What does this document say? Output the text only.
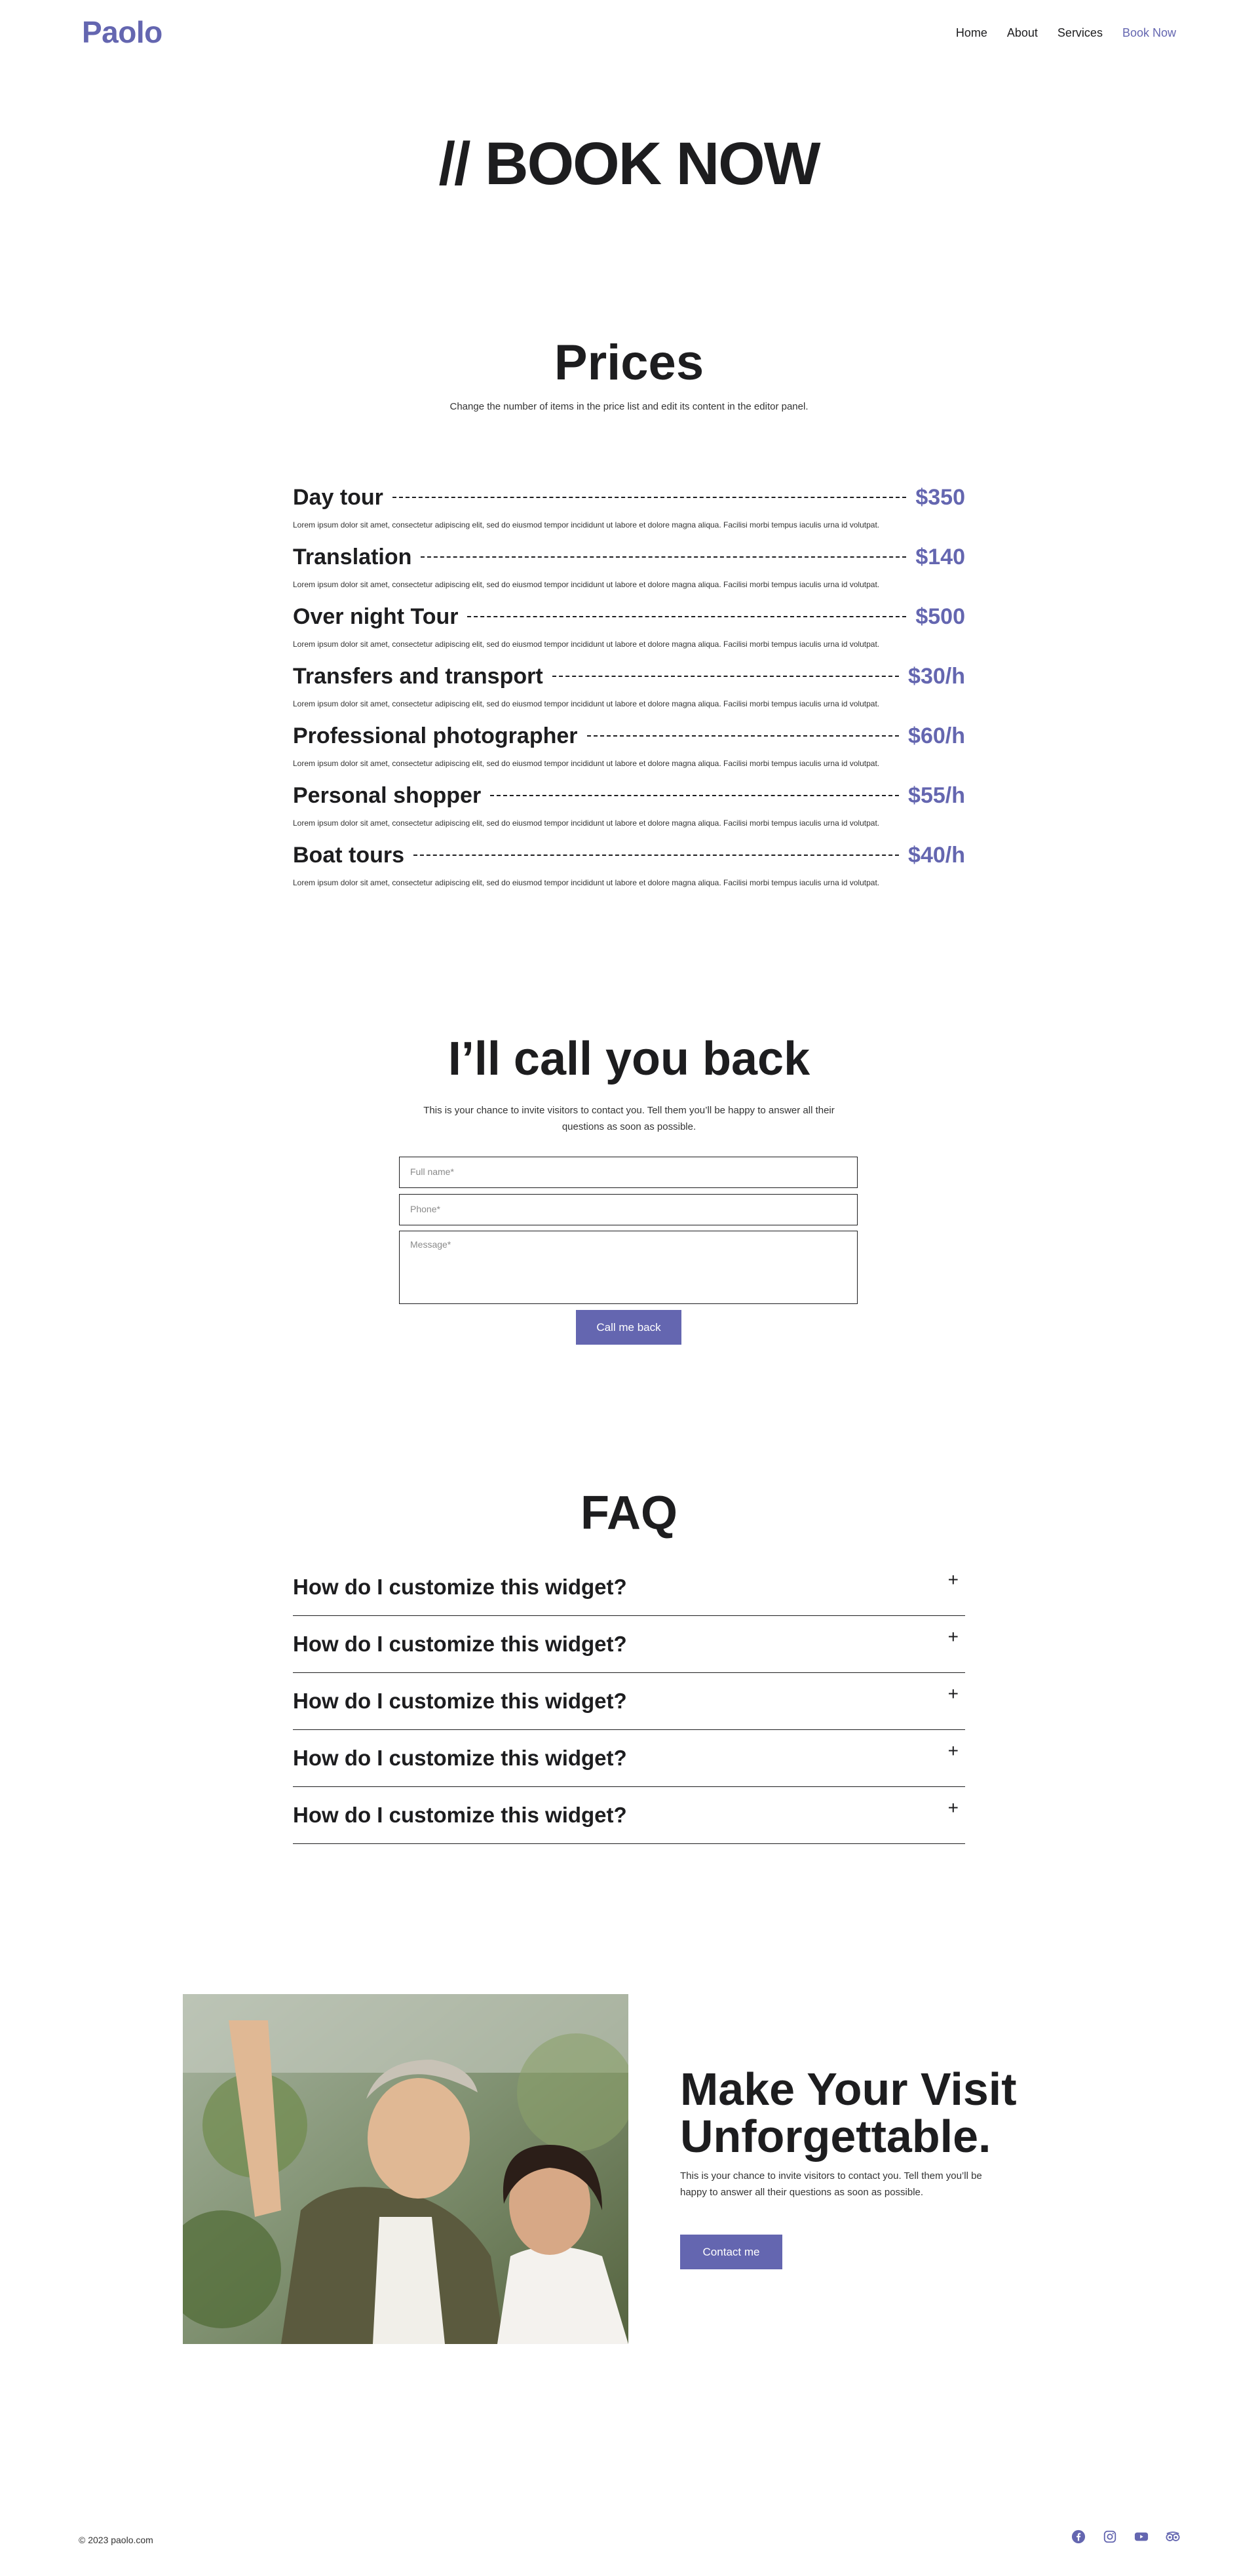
Paolo	Home About Services Book Now
// BOOK NOW
Prices

Change the number of items in the price list and edit its content in the editor panel.

Day tour	$350
Lorem ipsum dolor sit amet, consectetur adipiscing elit, sed do eiusmod tempor incididunt ut labore et dolore magna aliqua. Facilisi morbi tempus iaculis urna id volutpat.
Translation	$140
Lorem ipsum dolor sit amet, consectetur adipiscing elit, sed do eiusmod tempor incididunt ut labore et dolore magna aliqua. Facilisi morbi tempus iaculis urna id volutpat.
Over night Tour	$500
Lorem ipsum dolor sit amet, consectetur adipiscing elit, sed do eiusmod tempor incididunt ut labore et dolore magna aliqua. Facilisi morbi tempus iaculis urna id volutpat.
Transfers and transport	$30/h
Lorem ipsum dolor sit amet, consectetur adipiscing elit, sed do eiusmod tempor incididunt ut labore et dolore magna aliqua. Facilisi morbi tempus iaculis urna id volutpat.
Professional photographer	$60/h
Lorem ipsum dolor sit amet, consectetur adipiscing elit, sed do eiusmod tempor incididunt ut labore et dolore magna aliqua. Facilisi morbi tempus iaculis urna id volutpat.
Personal shopper	$55/h
Lorem ipsum dolor sit amet, consectetur adipiscing elit, sed do eiusmod tempor incididunt ut labore et dolore magna aliqua. Facilisi morbi tempus iaculis urna id volutpat.
Boat tours	$40/h
Lorem ipsum dolor sit amet, consectetur adipiscing elit, sed do eiusmod tempor incididunt ut labore et dolore magna aliqua. Facilisi morbi tempus iaculis urna id volutpat.
I’ll call you back

This is your chance to invite visitors to contact you. Tell them you’ll be happy to answer all their questions as soon as possible.

Full name*
Phone*
Message*
Call me back
FAQ
How do I customize this widget?	+
How do I customize this widget?	+
How do I customize this widget?	+
How do I customize this widget?	+
How do I customize this widget?	+
Make Your Visit
Unforgettable.

This is your chance to invite visitors to contact you. Tell them you’ll be happy to answer all their questions as soon as possible.

Contact me
© 2023 paolo.com
